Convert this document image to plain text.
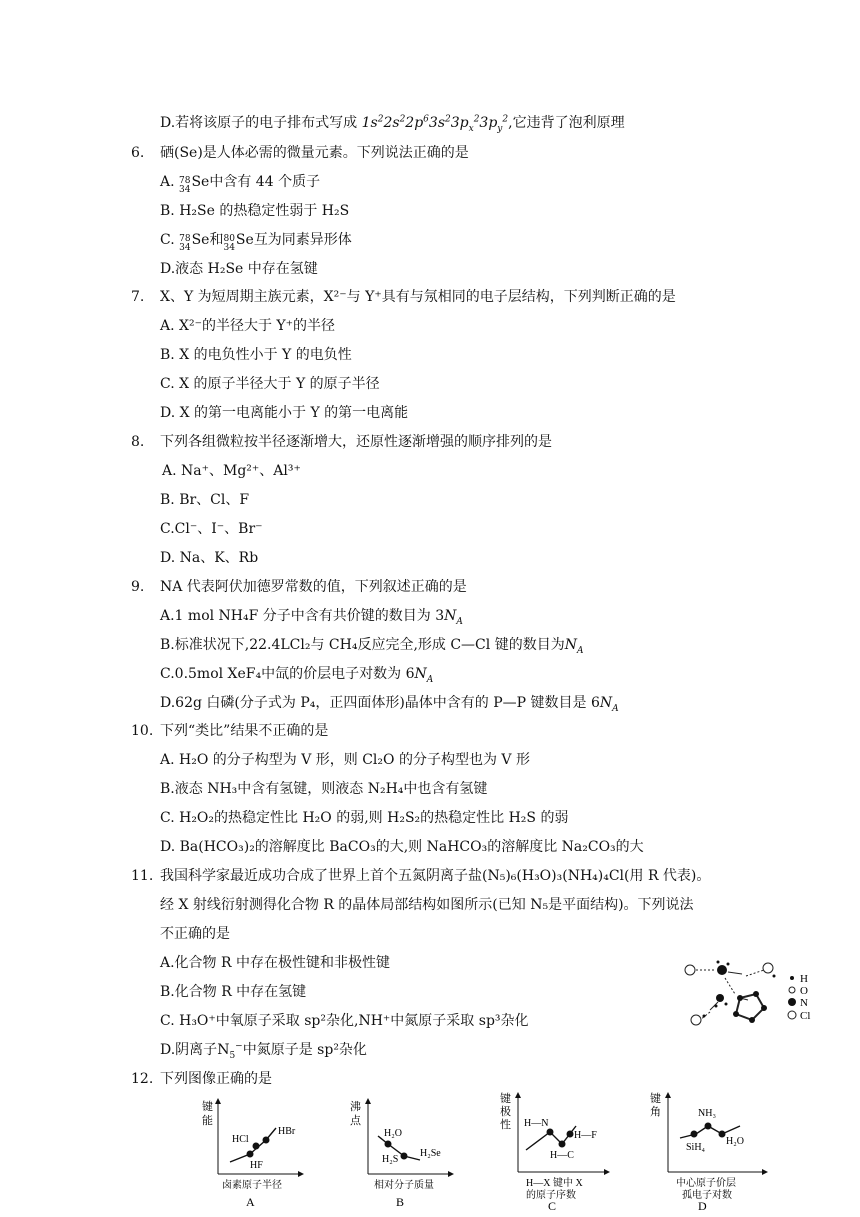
D.若将该原子的电子排布式写成 $1s^22s^22p^63s^23p_x^23p_y^2$,它违背了泡利原理
6. 硒(Se)是人体必需的微量元素。下列说法正确的是
A. 78
34Se中含有 44 个质子
B. H₂Se 的热稳定性弱于 H₂S
C. 78
34Se和80
34Se互为同素异形体
D.液态 H₂Se 中存在氢键
7. X、Y 为短周期主族元素，X²⁻与 Y⁺具有与氖相同的电子层结构，下列判断正确的是
A. X²⁻的半径大于 Y⁺的半径
B. X 的电负性小于 Y 的电负性
C. X 的原子半径大于 Y 的原子半径
D. X 的第一电离能小于 Y 的第一电离能
8. 下列各组微粒按半径逐渐增大，还原性逐渐增强的顺序排列的是
A. Na⁺、Mg²⁺、Al³⁺
B. Br、Cl、F
C.Cl⁻、I⁻、Br⁻
D. Na、K、Rb
9. NA 代表阿伏加德罗常数的值，下列叙述正确的是
A.1 mol NH₄F 分子中含有共价键的数目为 $3N_A$
B.标准状况下,22.4LCl₂与 CH₄反应完全,形成 C—Cl 键的数目为$N_A$
C.0.5mol XeF₄中氙的价层电子对数为 $6N_A$
D.62g 白磷(分子式为 P₄，正四面体形)晶体中含有的 P—P 键数目是 $6N_A$
10. 下列“类比”结果不正确的是
A. H₂O 的分子构型为 V 形，则 Cl₂O 的分子构型也为 V 形
B.液态 NH₃中含有氢键，则液态 N₂H₄中也含有氢键
C. H₂O₂的热稳定性比 H₂O 的弱,则 H₂S₂的热稳定性比 H₂S 的弱
D. Ba(HCO₃)₂的溶解度比 BaCO₃的大,则 NaHCO₃的溶解度比 Na₂CO₃的大
11. 我国科学家最近成功合成了世界上首个五氮阴离子盐(N₅)₆(H₃O)₃(NH₄)₄Cl(用 R 代表)。
经 X 射线衍射测得化合物 R 的晶体局部结构如图所示(已知 N₅是平面结构)。下列说法
不正确的是
A.化合物 R 中存在极性键和非极性键
B.化合物 R 中存在氢键
C. H₃O⁺中氧原子采取 sp²杂化,NH⁺中氮原子采取 sp³杂化
D.阴离子$N_5^-$中氮原子是 sp²杂化
H
O
N
Cl
12. 下列图像正确的是
键
能
HCl
HBr
HF
卤素原子半径
A
沸
点
H₂O
H₂S
H₂Se
相对分子质量
B
键
极
性 H—N
H—F
H—C
H—X 键中 X
的原子序数
C
键
角	NH₃
SiH₄
H₂O
中心原子价层
孤电子对数
D
